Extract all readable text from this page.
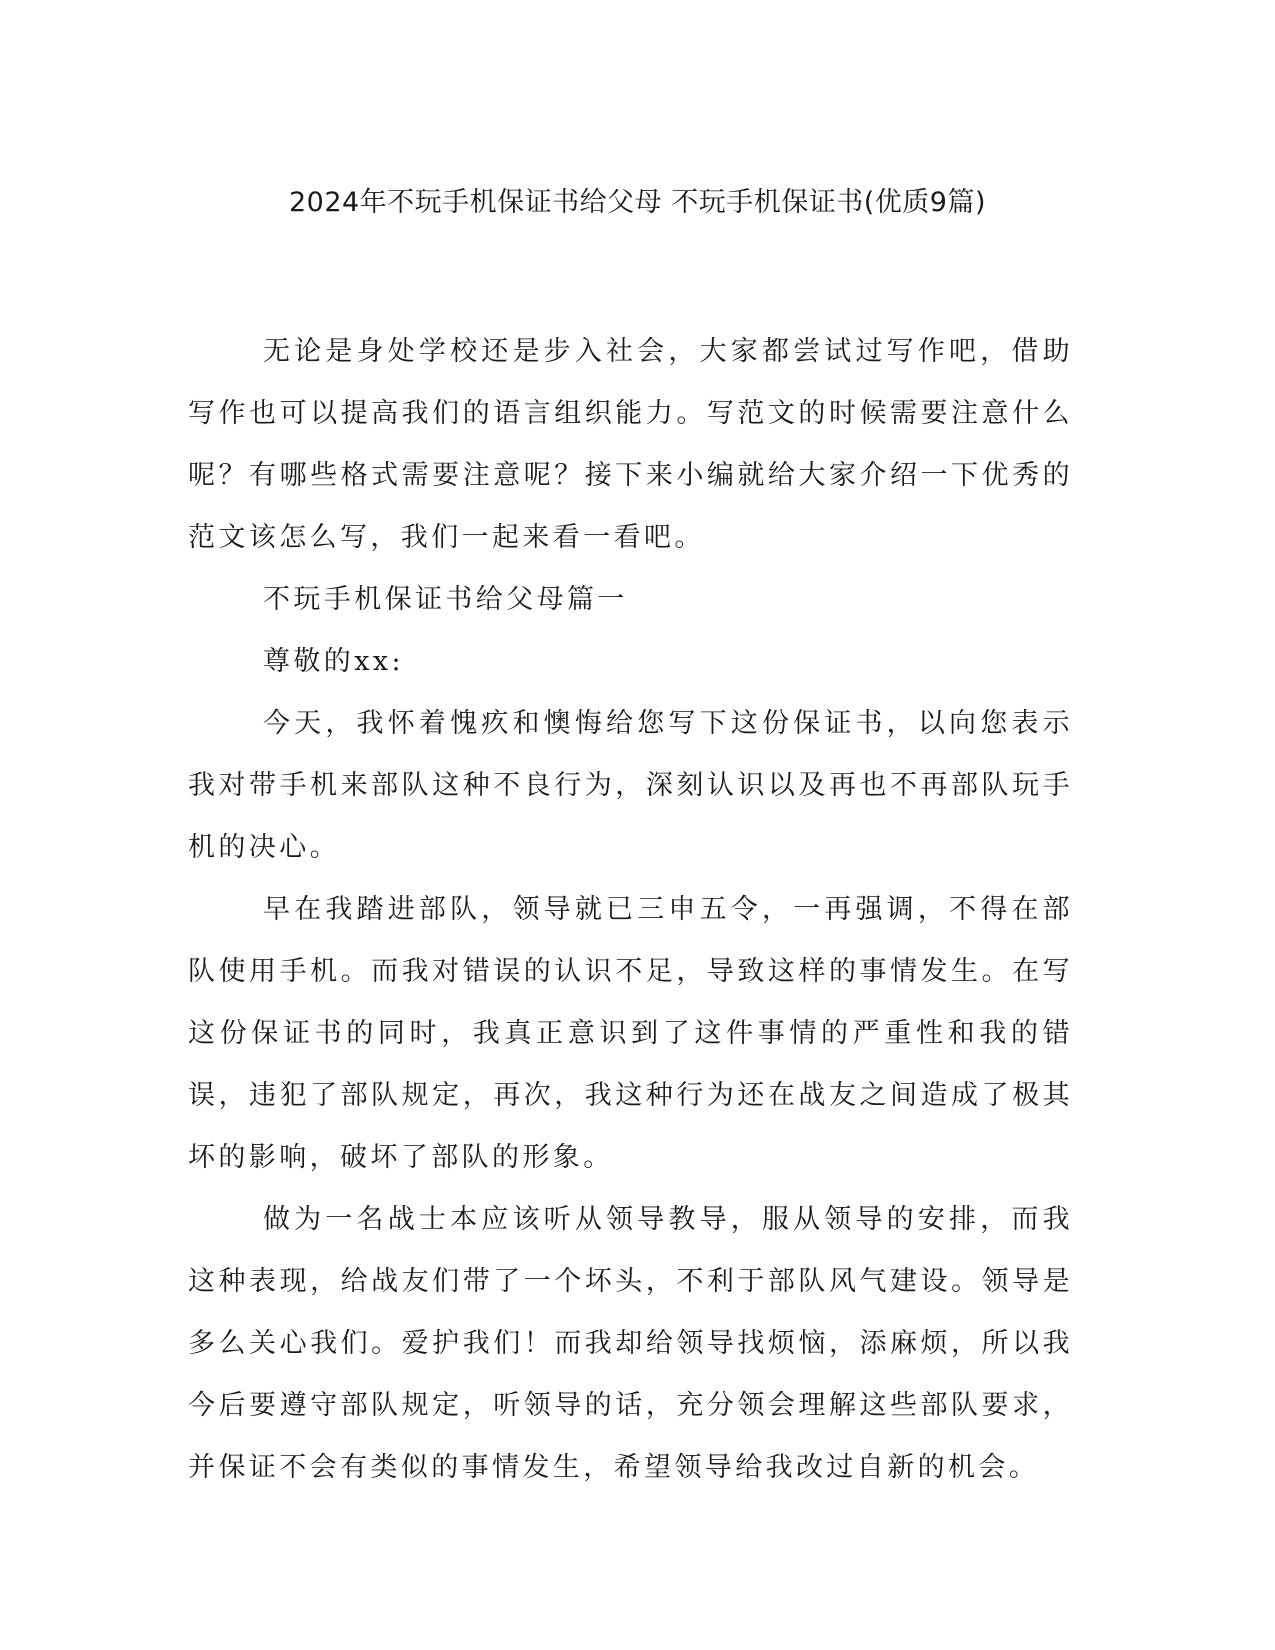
2024年不玩手机保证书给父母 不玩手机保证书(优质9篇)

无论是身处学校还是步入社会，大家都尝试过写作吧，借助写作也可以提高我们的语言组织能力。写范文的时候需要注意什么呢？有哪些格式需要注意呢？接下来小编就给大家介绍一下优秀的范文该怎么写，我们一起来看一看吧。

不玩手机保证书给父母篇一

尊敬的xx:

今天，我怀着愧疚和懊悔给您写下这份保证书，以向您表示我对带手机来部队这种不良行为，深刻认识以及再也不再部队玩手机的决心。

早在我踏进部队，领导就已三申五令，一再强调，不得在部队使用手机。而我对错误的认识不足，导致这样的事情发生。在写这份保证书的同时，我真正意识到了这件事情的严重性和我的错误，违犯了部队规定，再次，我这种行为还在战友之间造成了极其坏的影响，破坏了部队的形象。

做为一名战士本应该听从领导教导，服从领导的安排，而我这种表现，给战友们带了一个坏头，不利于部队风气建设。领导是多么关心我们。爱护我们！而我却给领导找烦恼，添麻烦，所以我今后要遵守部队规定，听领导的话，充分领会理解这些部队要求，并保证不会有类似的事情发生，希望领导给我改过自新的机会。
